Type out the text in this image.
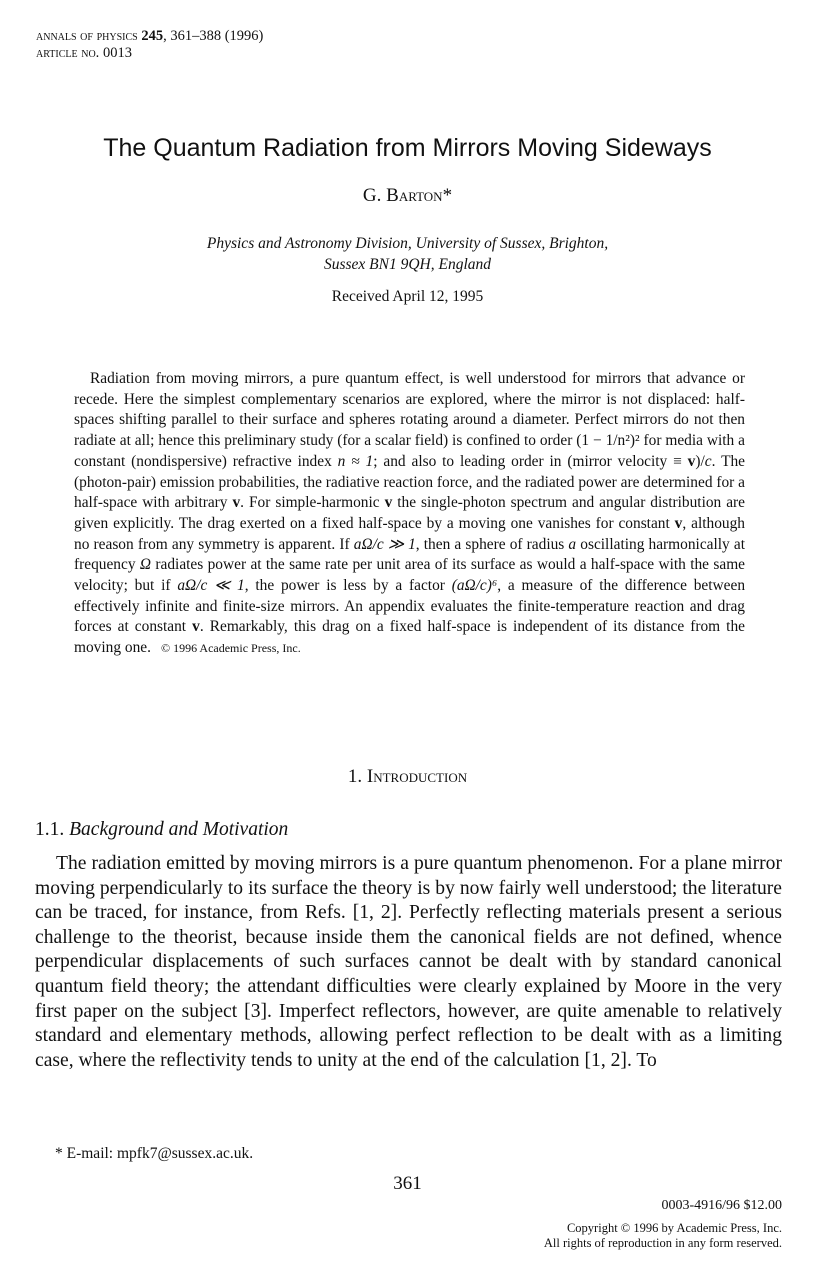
annals of physics 245, 361–388 (1996)
article no. 0013
The Quantum Radiation from Mirrors Moving Sideways
G. Barton*
Physics and Astronomy Division, University of Sussex, Brighton,
Sussex BN1 9QH, England
Received April 12, 1995
Radiation from moving mirrors, a pure quantum effect, is well understood for mirrors that advance or recede. Here the simplest complementary scenarios are explored, where the mirror is not displaced: half-spaces shifting parallel to their surface and spheres rotating around a diameter. Perfect mirrors do not then radiate at all; hence this preliminary study (for a scalar field) is confined to order (1 − 1/n²)² for media with a constant (nondispersive) refractive index n ≈ 1; and also to leading order in (mirror velocity ≡ v)/c. The (photon-pair) emission probabilities, the radiative reaction force, and the radiated power are determined for a half-space with arbitrary v. For simple-harmonic v the single-photon spectrum and angular distribution are given explicitly. The drag exerted on a fixed half-space by a moving one vanishes for constant v, although no reason from any symmetry is apparent. If aΩ/c ≫ 1, then a sphere of radius a oscillating harmonically at frequency Ω radiates power at the same rate per unit area of its surface as would a half-space with the same velocity; but if aΩ/c ≪ 1, the power is less by a factor (aΩ/c)⁶, a measure of the difference between effectively infinite and finite-size mirrors. An appendix evaluates the finite-temperature reaction and drag forces at constant v. Remarkably, this drag on a fixed half-space is independent of its distance from the moving one. © 1996 Academic Press, Inc.
1. Introduction
1.1. Background and Motivation
The radiation emitted by moving mirrors is a pure quantum phenomenon. For a plane mirror moving perpendicularly to its surface the theory is by now fairly well understood; the literature can be traced, for instance, from Refs. [1, 2]. Perfectly reflecting materials present a serious challenge to the theorist, because inside them the canonical fields are not defined, whence perpendicular displacements of such surfaces cannot be dealt with by standard canonical quantum field theory; the attendant difficulties were clearly explained by Moore in the very first paper on the subject [3]. Imperfect reflectors, however, are quite amenable to relatively standard and elementary methods, allowing perfect reflection to be dealt with as a limiting case, where the reflectivity tends to unity at the end of the calculation [1, 2]. To
* E-mail: mpfk7@sussex.ac.uk.
361
0003-4916/96 $12.00
Copyright © 1996 by Academic Press, Inc.
All rights of reproduction in any form reserved.
